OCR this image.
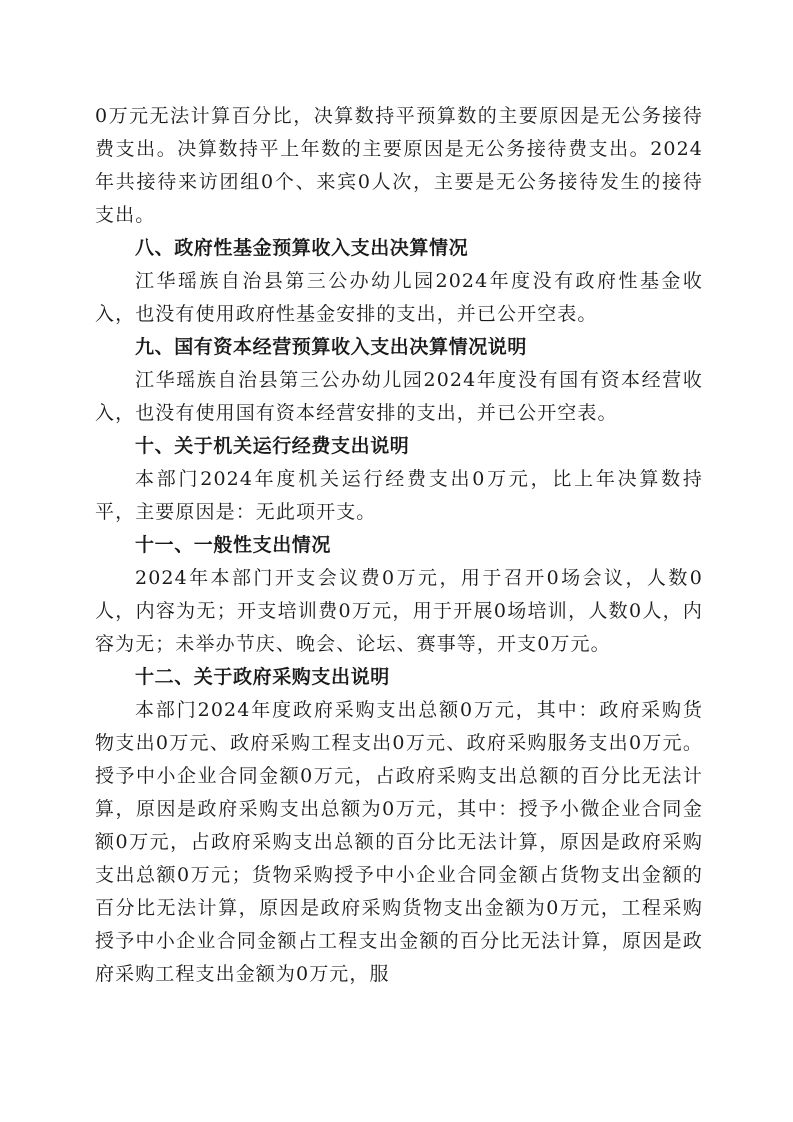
0万元无法计算百分比，决算数持平预算数的主要原因是无公务接待费支出。决算数持平上年数的主要原因是无公务接待费支出。2024年共接待来访团组0个、来宾0人次，主要是无公务接待发生的接待支出。

八、政府性基金预算收入支出决算情况

江华瑶族自治县第三公办幼儿园2024年度没有政府性基金收入，也没有使用政府性基金安排的支出，并已公开空表。

九、国有资本经营预算收入支出决算情况说明

江华瑶族自治县第三公办幼儿园2024年度没有国有资本经营收入，也没有使用国有资本经营安排的支出，并已公开空表。

十、关于机关运行经费支出说明

本部门2024年度机关运行经费支出0万元，比上年决算数持平，主要原因是：无此项开支。

十一、一般性支出情况

2024年本部门开支会议费0万元，用于召开0场会议，人数0人，内容为无；开支培训费0万元，用于开展0场培训，人数0人，内容为无；未举办节庆、晚会、论坛、赛事等，开支0万元。

十二、关于政府采购支出说明

本部门2024年度政府采购支出总额0万元，其中：政府采购货物支出0万元、政府采购工程支出0万元、政府采购服务支出0万元。授予中小企业合同金额0万元，占政府采购支出总额的百分比无法计算，原因是政府采购支出总额为0万元，其中：授予小微企业合同金额0万元，占政府采购支出总额的百分比无法计算，原因是政府采购支出总额0万元；货物采购授予中小企业合同金额占货物支出金额的百分比无法计算，原因是政府采购货物支出金额为0万元，工程采购授予中小企业合同金额占工程支出金额的百分比无法计算，原因是政府采购工程支出金额为0万元，服
